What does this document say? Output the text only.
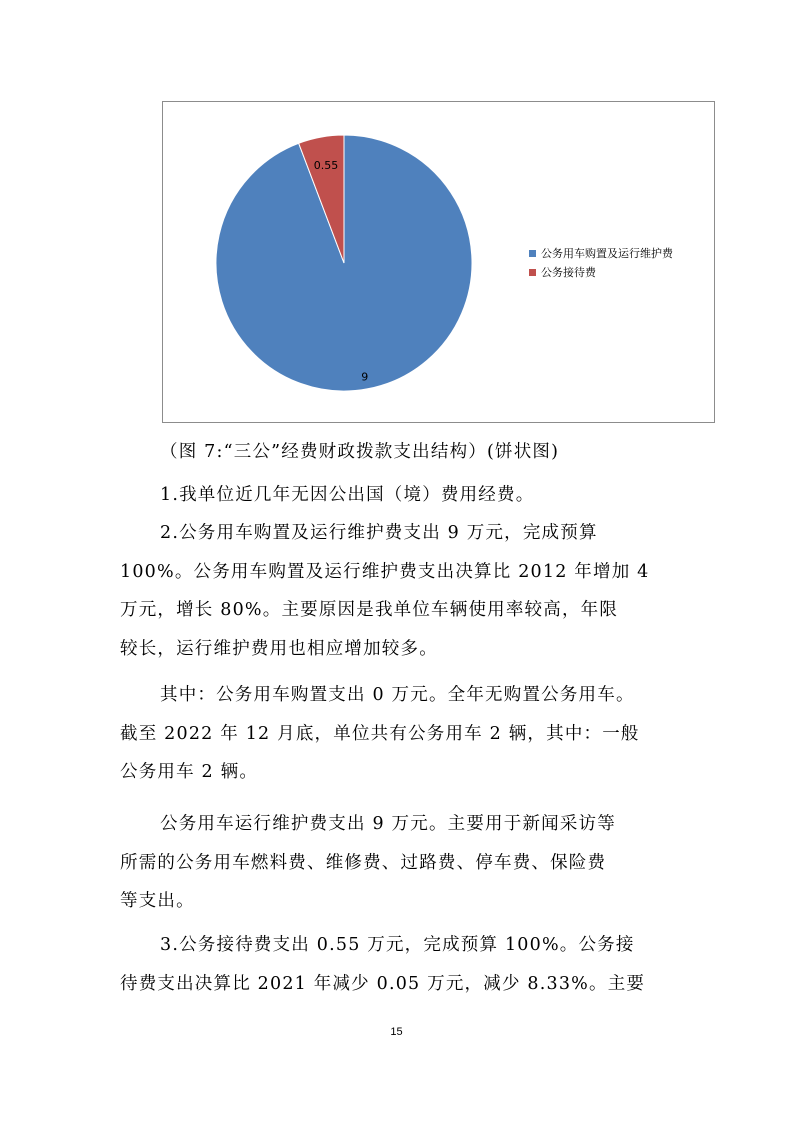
9
0.55
公务用车购置及运行维护费
公务接待费
（图 7:“三公”经费财政拨款支出结构）(饼状图)
1.我单位近几年无因公出国（境）费用经费。
2.公务用车购置及运行维护费支出 9 万元，完成预算
100%。公务用车购置及运行维护费支出决算比 2012 年增加 4
万元，增长 80%。主要原因是我单位车辆使用率较高，年限
较长，运行维护费用也相应增加较多。
其中：公务用车购置支出 0 万元。全年无购置公务用车。
截至 2022 年 12 月底，单位共有公务用车 2 辆，其中：一般
公务用车 2 辆。
公务用车运行维护费支出 9 万元。主要用于新闻采访等
所需的公务用车燃料费、维修费、过路费、停车费、保险费
等支出。
3.公务接待费支出 0.55 万元，完成预算 100%。公务接
待费支出决算比 2021 年减少 0.05 万元，减少 8.33%。主要
15
